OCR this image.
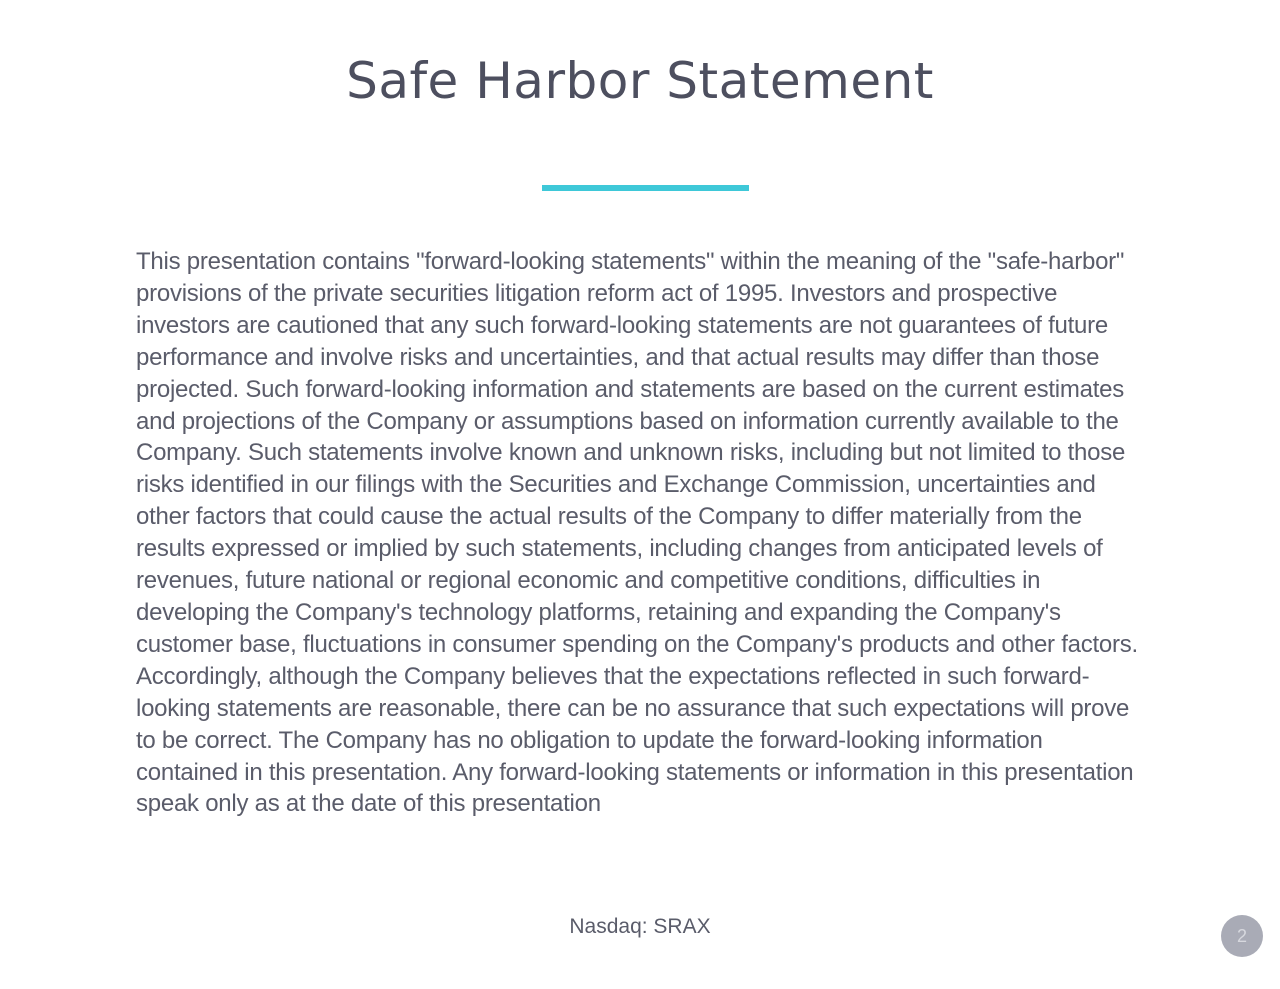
Safe Harbor Statement

This presentation contains "forward-looking statements" within the meaning of the "safe-harbor" provisions of the private securities litigation reform act of 1995. Investors and prospective investors are cautioned that any such forward-looking statements are not guarantees of future performance and involve risks and uncertainties, and that actual results may differ than those projected. Such forward-looking information and statements are based on the current estimates and projections of the Company or assumptions based on information currently available to the Company. Such statements involve known and unknown risks, including but not limited to those risks identified in our filings with the Securities and Exchange Commission, uncertainties and other factors that could cause the actual results of the Company to differ materially from the results expressed or implied by such statements, including changes from anticipated levels of revenues, future national or regional economic and competitive conditions, difficulties in developing the Company's technology platforms, retaining and expanding the Company's customer base, fluctuations in consumer spending on the Company's products and other factors. Accordingly, although the Company believes that the expectations reflected in such forward-looking statements are reasonable, there can be no assurance that such expectations will prove to be correct. The Company has no obligation to update the forward-looking information contained in this presentation. Any forward-looking statements or information in this presentation speak only as at the date of this presentation

Nasdaq: SRAX	2
